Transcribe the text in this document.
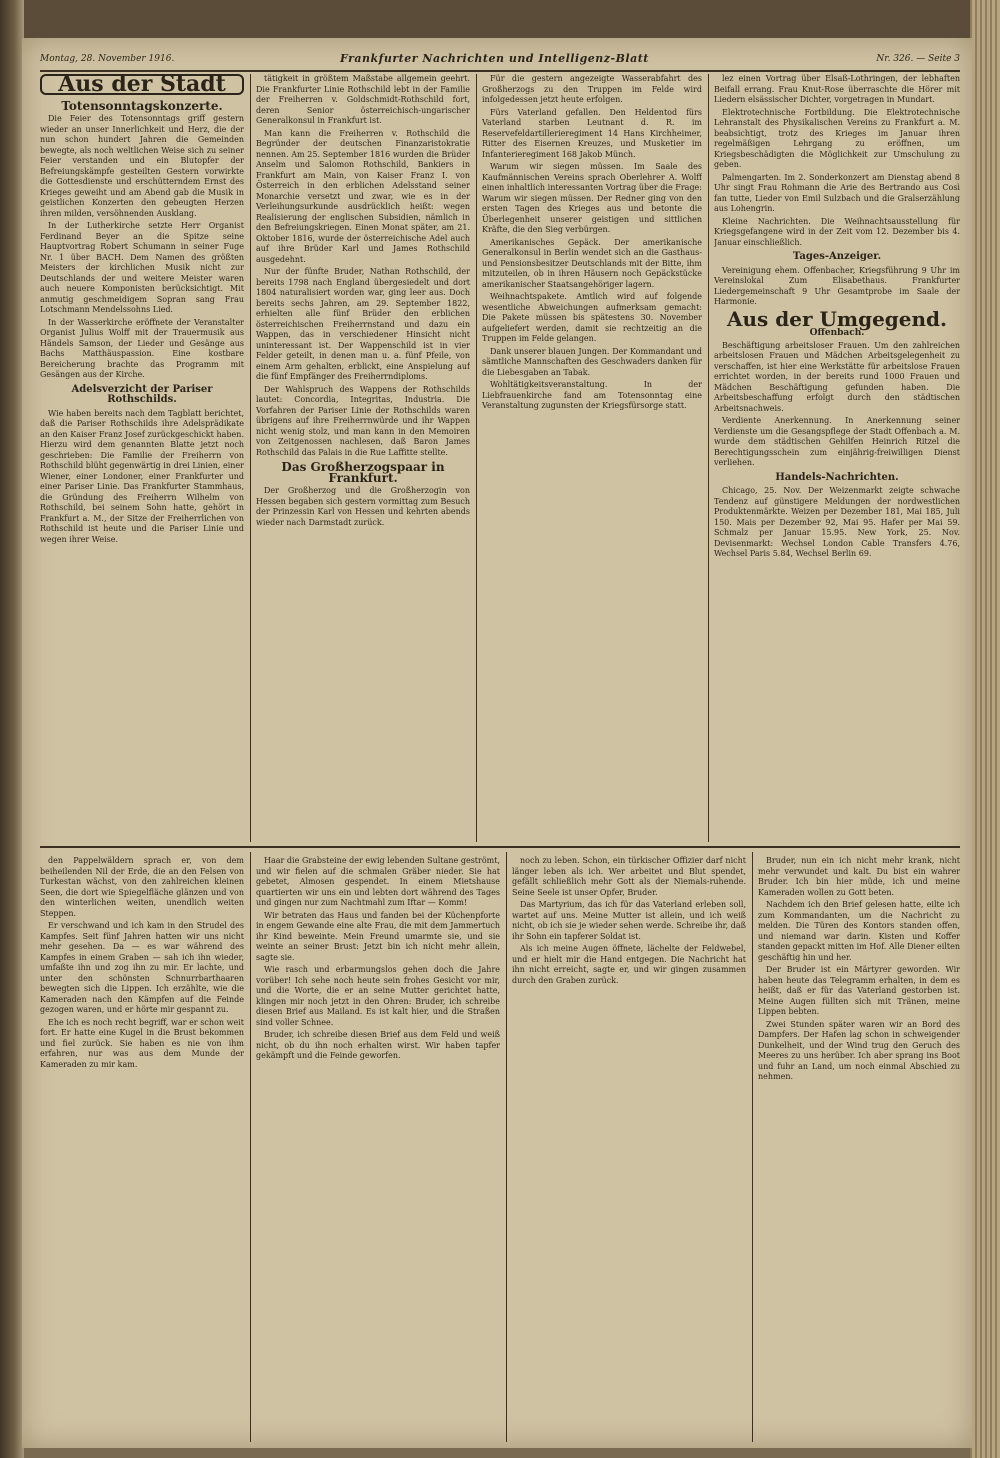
Montag, 28. November 1916.	Frankfurter Nachrichten und Intelligenz-Blatt	Nr. 326. — Seite 3
Aus der Stadt
Totensonntagskonzerte.

Die Feier des Totensonntags griff gestern wieder an unser Innerlichkeit und Herz, die der nun schon hundert Jahren die Gemeinden bewegte, als noch weltlichen Weise sich zu seiner Feier verstanden und ein Blutopfer der Befreiungskämpfe gesteilten Gestern vorwirkte die Gottesdienste und erschütterndem Ernst des Krieges geweiht und am Abend gab die Musik in geistlichen Konzerten den gebeugten Herzen ihren milden, versöhnenden Ausklang.

In der Lutherkirche setzte Herr Organist Ferdinand Beyer an die Spitze seine Hauptvortrag Robert Schumann in seiner Fuge Nr. 1 über BACH. Dem Namen des größten Meisters der kirchlichen Musik nicht zur Deutschlands der und weitere Meister waren auch neuere Komponisten berücksichtigt. Mit anmutig geschmeidigem Sopran sang Frau Lotschmann Mendelssohns Lied.

In der Wasserkirche eröffnete der Veranstalter Organist Julius Wolff mit der Trauermusik aus Händels Samson, der Lieder und Gesänge aus Bachs Matthäuspassion. Eine kostbare Bereicherung brachte das Programm mit Gesängen aus der Kirche.

Adelsverzicht der Pariser Rothschilds.

Wie haben bereits nach dem Tagblatt berichtet, daß die Pariser Rothschilds ihre Adelsprädikate an den Kaiser Franz Josef zurückgeschickt haben. Hierzu wird dem genannten Blatte jetzt noch geschrieben: Die Familie der Freiherrn von Rothschild blüht gegenwärtig in drei Linien, einer Wiener, einer Londoner, einer Frankfurter und einer Pariser Linie. Das Frankfurter Stammhaus, die Gründung des Freiherrn Wilhelm von Rothschild, bei seinem Sohn hatte, gehört in Frankfurt a. M., der Sitze der Freiherrlichen von Rothschild ist heute und die Pariser Linie und wegen ihrer Weise.

tätigkeit in größtem Maßstabe allgemein geehrt. Die Frankfurter Linie Rothschild lebt in der Familie der Freiherren v. Goldschmidt-Rothschild fort, deren Senior österreichisch-ungarischer Generalkonsul in Frankfurt ist.

Man kann die Freiherren v. Rothschild die Begründer der deutschen Finanzaristokratie nennen. Am 25. September 1816 wurden die Brüder Anselm und Salomon Rothschild, Bankiers in Frankfurt am Main, von Kaiser Franz I. von Österreich in den erblichen Adelsstand seiner Monarchie versetzt und zwar, wie es in der Verleihungsurkunde ausdrücklich heißt: wegen Realisierung der englischen Subsidien, nämlich in den Befreiungskriegen. Einen Monat später, am 21. Oktober 1816, wurde der österreichische Adel auch auf ihre Brüder Karl und James Rothschild ausgedehnt.

Nur der fünfte Bruder, Nathan Rothschild, der bereits 1798 nach England übergesiedelt und dort 1804 naturalisiert worden war, ging leer aus. Doch bereits sechs Jahren, am 29. September 1822, erhielten alle fünf Brüder den erblichen österreichischen Freiherrnstand und dazu ein Wappen, das in verschiedener Hinsicht nicht uninteressant ist. Der Wappenschild ist in vier Felder geteilt, in denen man u. a. fünf Pfeile, von einem Arm gehalten, erblickt, eine Anspielung auf die fünf Empfänger des Freiherrndiploms.

Der Wahlspruch des Wappens der Rothschilds lautet: Concordia, Integritas, Industria. Die Vorfahren der Pariser Linie der Rothschilds waren übrigens auf ihre Freiherrnwürde und ihr Wappen nicht wenig stolz, und man kann in den Memoiren von Zeitgenossen nachlesen, daß Baron James Rothschild das Palais in die Rue Laffitte stellte.

Das Großherzogspaar in Frankfurt.

Der Großherzog und die Großherzogin von Hessen begaben sich gestern vormittag zum Besuch der Prinzessin Karl von Hessen und kehrten abends wieder nach Darmstadt zurück.

Für die gestern angezeigte Wasserabfahrt des Großherzogs zu den Truppen im Felde wird infolgedessen jetzt heute erfolgen.

Fürs Vaterland gefallen. Den Heldentod fürs Vaterland starben Leutnant d. R. im Reservefeldartillerieregiment 14 Hans Kirchheimer, Ritter des Eisernen Kreuzes, und Musketier im Infanterieregiment 168 Jakob Münch.

Warum wir siegen müssen. Im Saale des Kaufmännischen Vereins sprach Oberlehrer A. Wolff einen inhaltlich interessanten Vortrag über die Frage: Warum wir siegen müssen. Der Redner ging von den ersten Tagen des Krieges aus und betonte die Überlegenheit unserer geistigen und sittlichen Kräfte, die den Sieg verbürgen.

Amerikanisches Gepäck. Der amerikanische Generalkonsul in Berlin wendet sich an die Gasthaus- und Pensionsbesitzer Deutschlands mit der Bitte, ihm mitzuteilen, ob in ihren Häusern noch Gepäckstücke amerikanischer Staatsangehöriger lagern.

Weihnachtspakete. Amtlich wird auf folgende wesentliche Abweichungen aufmerksam gemacht: Die Pakete müssen bis spätestens 30. November aufgeliefert werden, damit sie rechtzeitig an die Truppen im Felde gelangen.

Dank unserer blauen Jungen. Der Kommandant und sämtliche Mannschaften des Geschwaders danken für die Liebesgaben an Tabak.

Wohltätigkeitsveranstaltung. In der Liebfrauenkirche fand am Totensonntag eine Veranstaltung zugunsten der Kriegsfürsorge statt.

lez einen Vortrag über Elsaß-Lothringen, der lebhaften Beifall errang. Frau Knut-Rose überraschte die Hörer mit Liedern elsässischer Dichter, vorgetragen in Mundart.

Elektrotechnische Fortbildung. Die Elektrotechnische Lehranstalt des Physikalischen Vereins zu Frankfurt a. M. beabsichtigt, trotz des Krieges im Januar ihren regelmäßigen Lehrgang zu eröffnen, um Kriegsbeschädigten die Möglichkeit zur Umschulung zu geben.

Palmengarten. Im 2. Sonderkonzert am Dienstag abend 8 Uhr singt Frau Rohmann die Arie des Bertrando aus Così fan tutte, Lieder von Emil Sulzbach und die Gralserzählung aus Lohengrin.

Kleine Nachrichten. Die Weihnachtsausstellung für Kriegsgefangene wird in der Zeit vom 12. Dezember bis 4. Januar einschließlich.

Tages-Anzeiger.

Vereinigung ehem. Offenbacher, Kriegsführung 9 Uhr im Vereinslokal Zum Elisabethaus. Frankfurter Liedergemeinschaft 9 Uhr Gesamtprobe im Saale der Harmonie.

Aus der Umgegend.
Offenbach.

Beschäftigung arbeitsloser Frauen. Um den zahlreichen arbeitslosen Frauen und Mädchen Arbeitsgelegenheit zu verschaffen, ist hier eine Werkstätte für arbeitslose Frauen errichtet worden, in der bereits rund 1000 Frauen und Mädchen Beschäftigung gefunden haben. Die Arbeitsbeschaffung erfolgt durch den städtischen Arbeitsnachweis.

Verdiente Anerkennung. In Anerkennung seiner Verdienste um die Gesangspflege der Stadt Offenbach a. M. wurde dem städtischen Gehilfen Heinrich Ritzel die Berechtigungsschein zum einjährig-freiwilligen Dienst verliehen.

Handels-Nachrichten.

Chicago, 25. Nov. Der Weizenmarkt zeigte schwache Tendenz auf günstigere Meldungen der nordwestlichen Produktenmärkte. Weizen per Dezember 181, Mai 185, Juli 150. Mais per Dezember 92, Mai 95. Hafer per Mai 59. Schmalz per Januar 15.95. New York, 25. Nov. Devisenmarkt: Wechsel London Cable Transfers 4.76, Wechsel Paris 5.84, Wechsel Berlin 69.

den Pappelwäldern sprach er, von dem beiheilenden Nil der Erde, die an den Felsen von Turkestan wächst, von den zahlreichen kleinen Seen, die dort wie Spiegelfläche glänzen und von den winterlichen weiten, unendlich weiten Steppen.

Er verschwand und ich kam in den Strudel des Kampfes. Seit fünf Jahren hatten wir uns nicht mehr gesehen. Da — es war während des Kampfes in einem Graben — sah ich ihn wieder, umfaßte ihn und zog ihn zu mir. Er lachte, und unter den schönsten Schnurrbarthaaren bewegten sich die Lippen. Ich erzählte, wie die Kameraden nach den Kämpfen auf die Feinde gezogen waren, und er hörte mir gespannt zu.

Ehe ich es noch recht begriff, war er schon weit fort. Er hatte eine Kugel in die Brust bekommen und fiel zurück. Sie haben es nie von ihm erfahren, nur was aus dem Munde der Kameraden zu mir kam.

Haar die Grabsteine der ewig lebenden Sultane geströmt, und wir fielen auf die schmalen Gräber nieder. Sie hat gebetet, Almosen gespendet. In einem Mietshause quartierten wir uns ein und lebten dort während des Tages und gingen nur zum Nachtmahl zum Iftar — Komm!

Wir betraten das Haus und fanden bei der Küchenpforte in engem Gewande eine alte Frau, die mit dem Jammertuch ihr Kind beweinte. Mein Freund umarmte sie, und sie weinte an seiner Brust: Jetzt bin ich nicht mehr allein, sagte sie.

Wie rasch und erbarmungslos gehen doch die Jahre vorüber! Ich sehe noch heute sein frohes Gesicht vor mir, und die Worte, die er an seine Mutter gerichtet hatte, klingen mir noch jetzt in den Ohren: Bruder, ich schreibe diesen Brief aus Mailand. Es ist kalt hier, und die Straßen sind voller Schnee.

Bruder, ich schreibe diesen Brief aus dem Feld und weiß nicht, ob du ihn noch erhalten wirst. Wir haben tapfer gekämpft und die Feinde geworfen.

noch zu leben. Schon, ein türkischer Offizier darf nicht länger leben als ich. Wer arbeitet und Blut spendet, gefällt schließlich mehr Gott als der Niemals-ruhende. Seine Seele ist unser Opfer, Bruder.

Das Martyrium, das ich für das Vaterland erleben soll, wartet auf uns. Meine Mutter ist allein, und ich weiß nicht, ob ich sie je wieder sehen werde. Schreibe ihr, daß ihr Sohn ein tapferer Soldat ist.

Als ich meine Augen öffnete, lächelte der Feldwebel, und er hielt mir die Hand entgegen. Die Nachricht hat ihn nicht erreicht, sagte er, und wir gingen zusammen durch den Graben zurück.

Bruder, nun ein ich nicht mehr krank, nicht mehr verwundet und kalt. Du bist ein wahrer Bruder. Ich bin hier müde, ich und meine Kameraden wollen zu Gott beten.

Nachdem ich den Brief gelesen hatte, eilte ich zum Kommandanten, um die Nachricht zu melden. Die Türen des Kontors standen offen, und niemand war darin. Kisten und Koffer standen gepackt mitten im Hof. Alle Diener eilten geschäftig hin und her.

Der Bruder ist ein Märtyrer geworden. Wir haben heute das Telegramm erhalten, in dem es heißt, daß er für das Vaterland gestorben ist. Meine Augen füllten sich mit Tränen, meine Lippen bebten.

Zwei Stunden später waren wir an Bord des Dampfers. Der Hafen lag schon in schweigender Dunkelheit, und der Wind trug den Geruch des Meeres zu uns herüber. Ich aber sprang ins Boot und fuhr an Land, um noch einmal Abschied zu nehmen.
